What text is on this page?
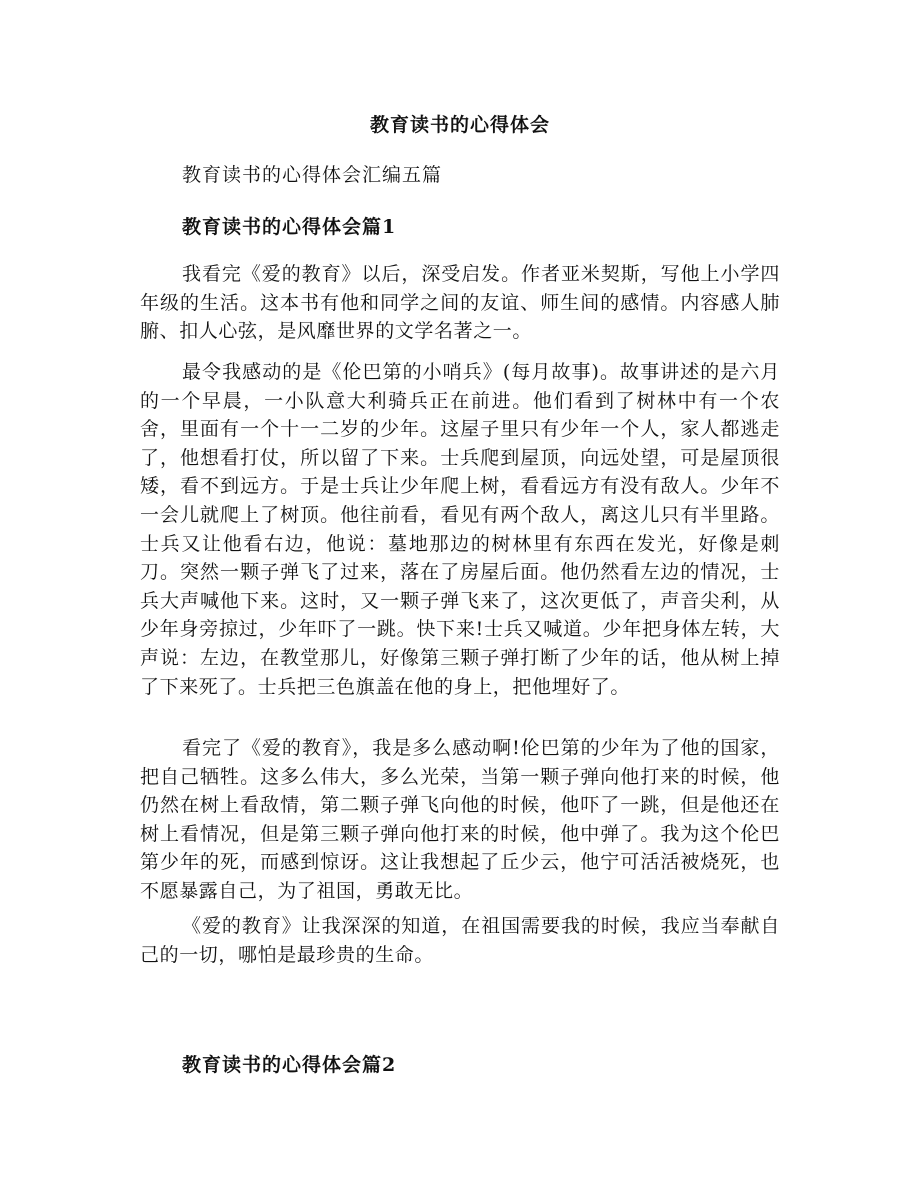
教育读书的心得体会

教育读书的心得体会汇编五篇

教育读书的心得体会篇1

我看完《爱的教育》以后，深受启发。作者亚米契斯，写他上小学四年级的生活。这本书有他和同学之间的友谊、师生间的感情。内容感人肺腑、扣人心弦，是风靡世界的文学名著之一。

最令我感动的是《伦巴第的小哨兵》(每月故事)。故事讲述的是六月的一个早晨，一小队意大利骑兵正在前进。他们看到了树林中有一个农舍，里面有一个十一二岁的少年。这屋子里只有少年一个人，家人都逃走了，他想看打仗，所以留了下来。士兵爬到屋顶，向远处望，可是屋顶很矮，看不到远方。于是士兵让少年爬上树，看看远方有没有敌人。少年不一会儿就爬上了树顶。他往前看，看见有两个敌人，离这儿只有半里路。士兵又让他看右边，他说：墓地那边的树林里有东西在发光，好像是刺刀。突然一颗子弹飞了过来，落在了房屋后面。他仍然看左边的情况，士兵大声喊他下来。这时，又一颗子弹飞来了，这次更低了，声音尖利，从少年身旁掠过，少年吓了一跳。快下来!士兵又喊道。少年把身体左转，大声说：左边，在教堂那儿，好像第三颗子弹打断了少年的话，他从树上掉了下来死了。士兵把三色旗盖在他的身上，把他埋好了。

看完了《爱的教育》，我是多么感动啊!伦巴第的少年为了他的国家，把自己牺牲。这多么伟大，多么光荣，当第一颗子弹向他打来的时候，他仍然在树上看敌情，第二颗子弹飞向他的时候，他吓了一跳，但是他还在树上看情况，但是第三颗子弹向他打来的时候，他中弹了。我为这个伦巴第少年的死，而感到惊讶。这让我想起了丘少云，他宁可活活被烧死，也不愿暴露自己，为了祖国，勇敢无比。

《爱的教育》让我深深的知道，在祖国需要我的时候，我应当奉献自己的一切，哪怕是最珍贵的生命。

教育读书的心得体会篇2
